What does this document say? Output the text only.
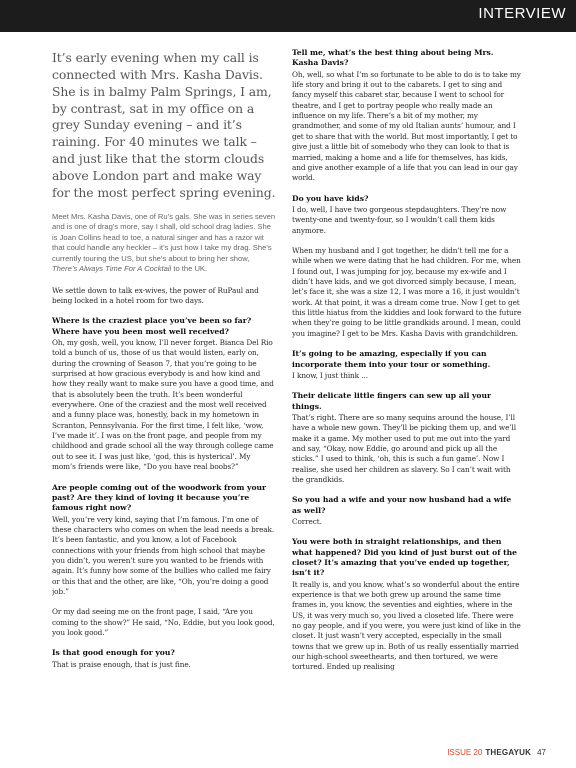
INTERVIEW

It’s early evening when my call is connected with Mrs. Kasha Davis. She is in balmy Palm Springs, I am, by contrast, sat in my office on a grey Sunday evening – and it’s raining. For 40 minutes we talk – and just like that the storm clouds above London part and make way for the most perfect spring evening.

Meet Mrs. Kasha Davis, one of Ru’s gals. She was in series seven and is one of drag’s more, say I shall, old school drag ladies. She is Joan Collins head to toe, a natural singer and has a razor wit that could handle any heckler – it’s just how I take my drag. She’s currently touring the US, but she’s about to bring her show, There’s Always Time For A Cocktail to the UK.

We settle down to talk ex-wives, the power of RuPaul and being locked in a hotel room for two days.

Where is the craziest place you’ve been so far? Where have you been most well received?

Oh, my gosh, well, you know, I’ll never forget. Bianca Del Rio told a bunch of us, those of us that would listen, early on, during the crowning of Season 7, that you’re going to be surprised at how gracious everybody is and how kind and how they really want to make sure you have a good time, and that is absolutely been the truth. It’s been wonderful everywhere. One of the craziest and the most well received and a funny place was, honestly, back in my hometown in Scranton, Pennsylvania. For the first time, I felt like, ‘wow, I’ve made it’. I was on the front page, and people from my childhood and grade school all the way through college came out to see it. I was just like, ‘god, this is hysterical’. My mom’s friends were like, “Do you have real boobs?”

Are people coming out of the woodwork from your past? Are they kind of loving it because you’re famous right now?

Well, you’re very kind, saying that I’m famous. I’m one of these characters who comes on when the lead needs a break. It’s been fantastic, and you know, a lot of Facebook connections with your friends from high school that maybe you didn’t, you weren’t sure you wanted to be friends with again. It’s funny how some of the bullies who called me fairy or this that and the other, are like, “Oh, you’re doing a good job.”

Or my dad seeing me on the front page, I said, “Are you coming to the show?” He said, “No, Eddie, but you look good, you look good.”

Is that good enough for you?

That is praise enough, that is just fine.

Tell me, what’s the best thing about being Mrs. Kasha Davis?

Oh, well, so what I’m so fortunate to be able to do is to take my life story and bring it out to the cabarets. I get to sing and fancy myself this cabaret star, because I went to school for theatre, and I get to portray people who really made an influence on my life. There’s a bit of my mother, my grandmother, and some of my old Italian aunts’ humour, and I get to share that with the world. But most importantly, I get to give just a little bit of somebody who they can look to that is married, making a home and a life for themselves, has kids, and give another example of a life that you can lead in our gay world.

Do you have kids?

I do, well, I have two gorgeous stepdaughters. They’re now twenty-one and twenty-four, so I wouldn’t call them kids anymore.

When my husband and I got together, he didn’t tell me for a while when we were dating that he had children. For me, when I found out, I was jumping for joy, because my ex-wife and I didn’t have kids, and we got divorced simply because, I mean, let’s face it, she was a size 12, I was more a 16, it just wouldn’t work. At that point, it was a dream come true. Now I get to get this little hiatus from the kiddies and look forward to the future when they’re going to be little grandkids around. I mean, could you imagine? I get to be Mrs. Kasha Davis with grandchildren.

It’s going to be amazing, especially if you can incorporate them into your tour or something.

I know, I just think ...

Their delicate little fingers can sew up all your things.

That’s right. There are so many sequins around the house, I’ll have a whole new gown. They’ll be picking them up, and we’ll make it a game. My mother used to put me out into the yard and say, “Okay, now Eddie, go around and pick up all the sticks.” I used to think, ‘oh, this is such a fun game’. Now I realise, she used her children as slavery. So I can’t wait with the grandkids.

So you had a wife and your now husband had a wife as well?

Correct.

You were both in straight relationships, and then what happened? Did you kind of just burst out of the closet? It’s amazing that you’ve ended up together, isn’t it?

It really is, and you know, what’s so wonderful about the entire experience is that we both grew up around the same time frames in, you know, the seventies and eighties, where in the US, it was very much so, you lived a closeted life. There were no gay people, and if you were, you were just kind of like in the closet. It just wasn’t very accepted, especially in the small towns that we grew up in. Both of us really essentially married our high-school sweethearts, and then tortured, we were tortured. Ended up realising

ISSUE 20 THEGAYUK 47
